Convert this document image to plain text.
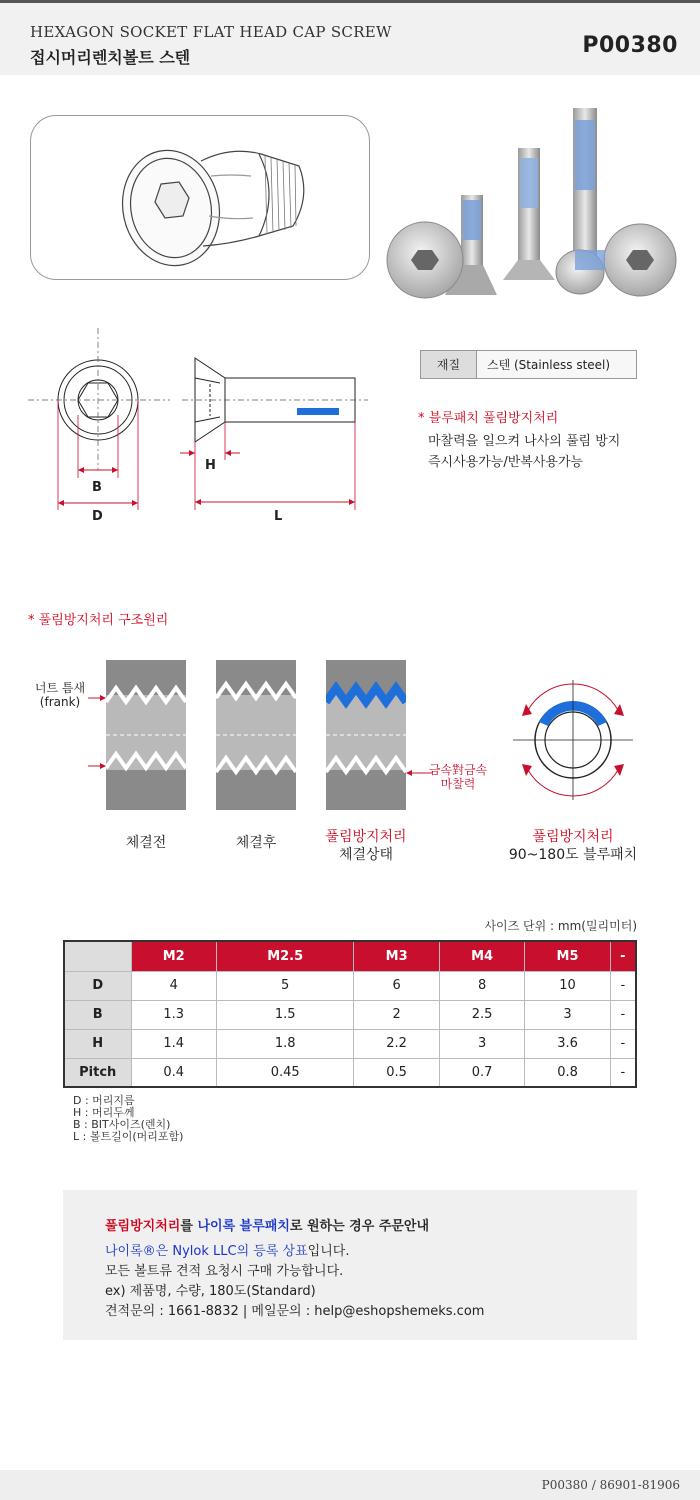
HEXAGON SOCKET FLAT HEAD CAP SCREW
접시머리렌치볼트 스텐	P00380
B
D
H
L
재질	스텐 (Stainless steel)
* 블루패치 풀림방지처리
마찰력을 일으켜 나사의 풀림 방지
즉시사용가능/반복사용가능
* 풀림방지처리 구조원리
너트 틈새
(frank)
금속對금속
마찰력
체결전	체결후	풀림방지처리
체결상태
풀림방지처리
90~180도 블루패치
사이즈 단위 : mm(밀리미터)
	M2	M2.5	M3	M4	M5	-
D	4	5	6	8	10	-
B	1.3	1.5	2	2.5	3	-
H	1.4	1.8	2.2	3	3.6	-
Pitch	0.4	0.45	0.5	0.7	0.8	-
D : 머리지름
H : 머리두께
B : BIT사이즈(렌치)
L : 볼트길이(머리포함)
풀림방지처리를 나이록 블루패치로 원하는 경우 주문안내
나이록®은 Nylok LLC의 등록 상표입니다.
모든 볼트류 견적 요청시 구매 가능합니다.
ex) 제품명, 수량, 180도(Standard)
견적문의 : 1661-8832 | 메일문의 : help@eshopshemeks.com
P00380 / 86901-81906
